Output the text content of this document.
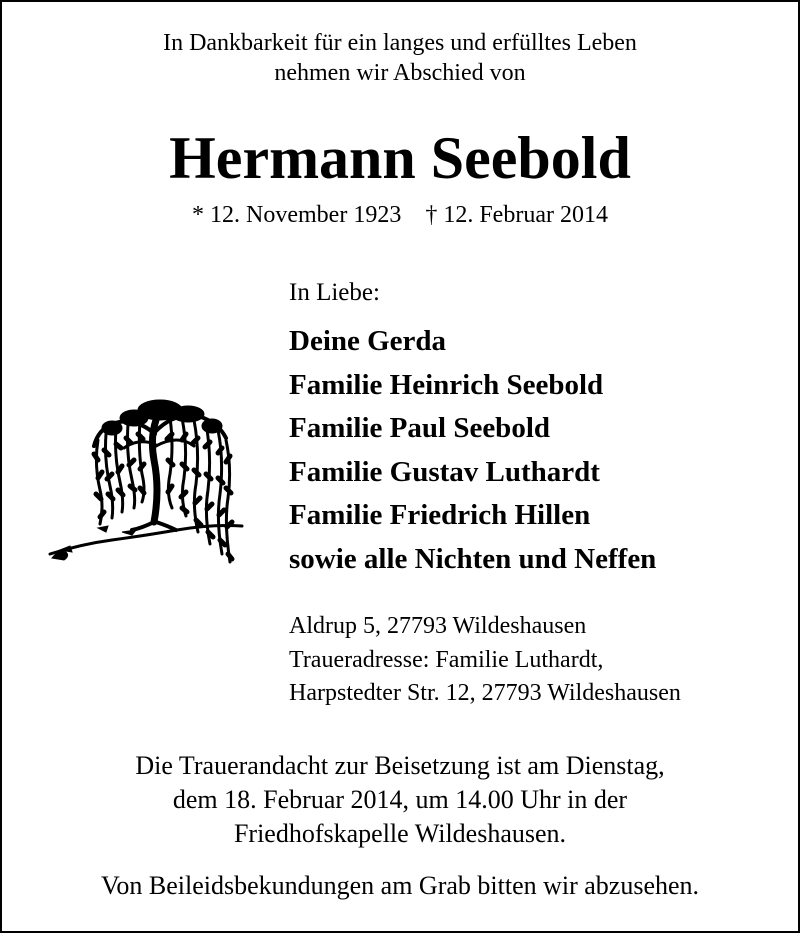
In Dankbarkeit für ein langes und erfülltes Leben
nehmen wir Abschied von
Hermann Seebold
* 12. November 1923 † 12. Februar 2014
In Liebe:
Deine Gerda
Familie Heinrich Seebold
Familie Paul Seebold
Familie Gustav Luthardt
Familie Friedrich Hillen
sowie alle Nichten und Neffen
Aldrup 5, 27793 Wildeshausen
Traueradresse: Familie Luthardt,
Harpstedter Str. 12, 27793 Wildeshausen
Die Trauerandacht zur Beisetzung ist am Dienstag,
dem 18. Februar 2014, um 14.00 Uhr in der
Friedhofskapelle Wildeshausen.
Von Beileidsbekundungen am Grab bitten wir abzusehen.
